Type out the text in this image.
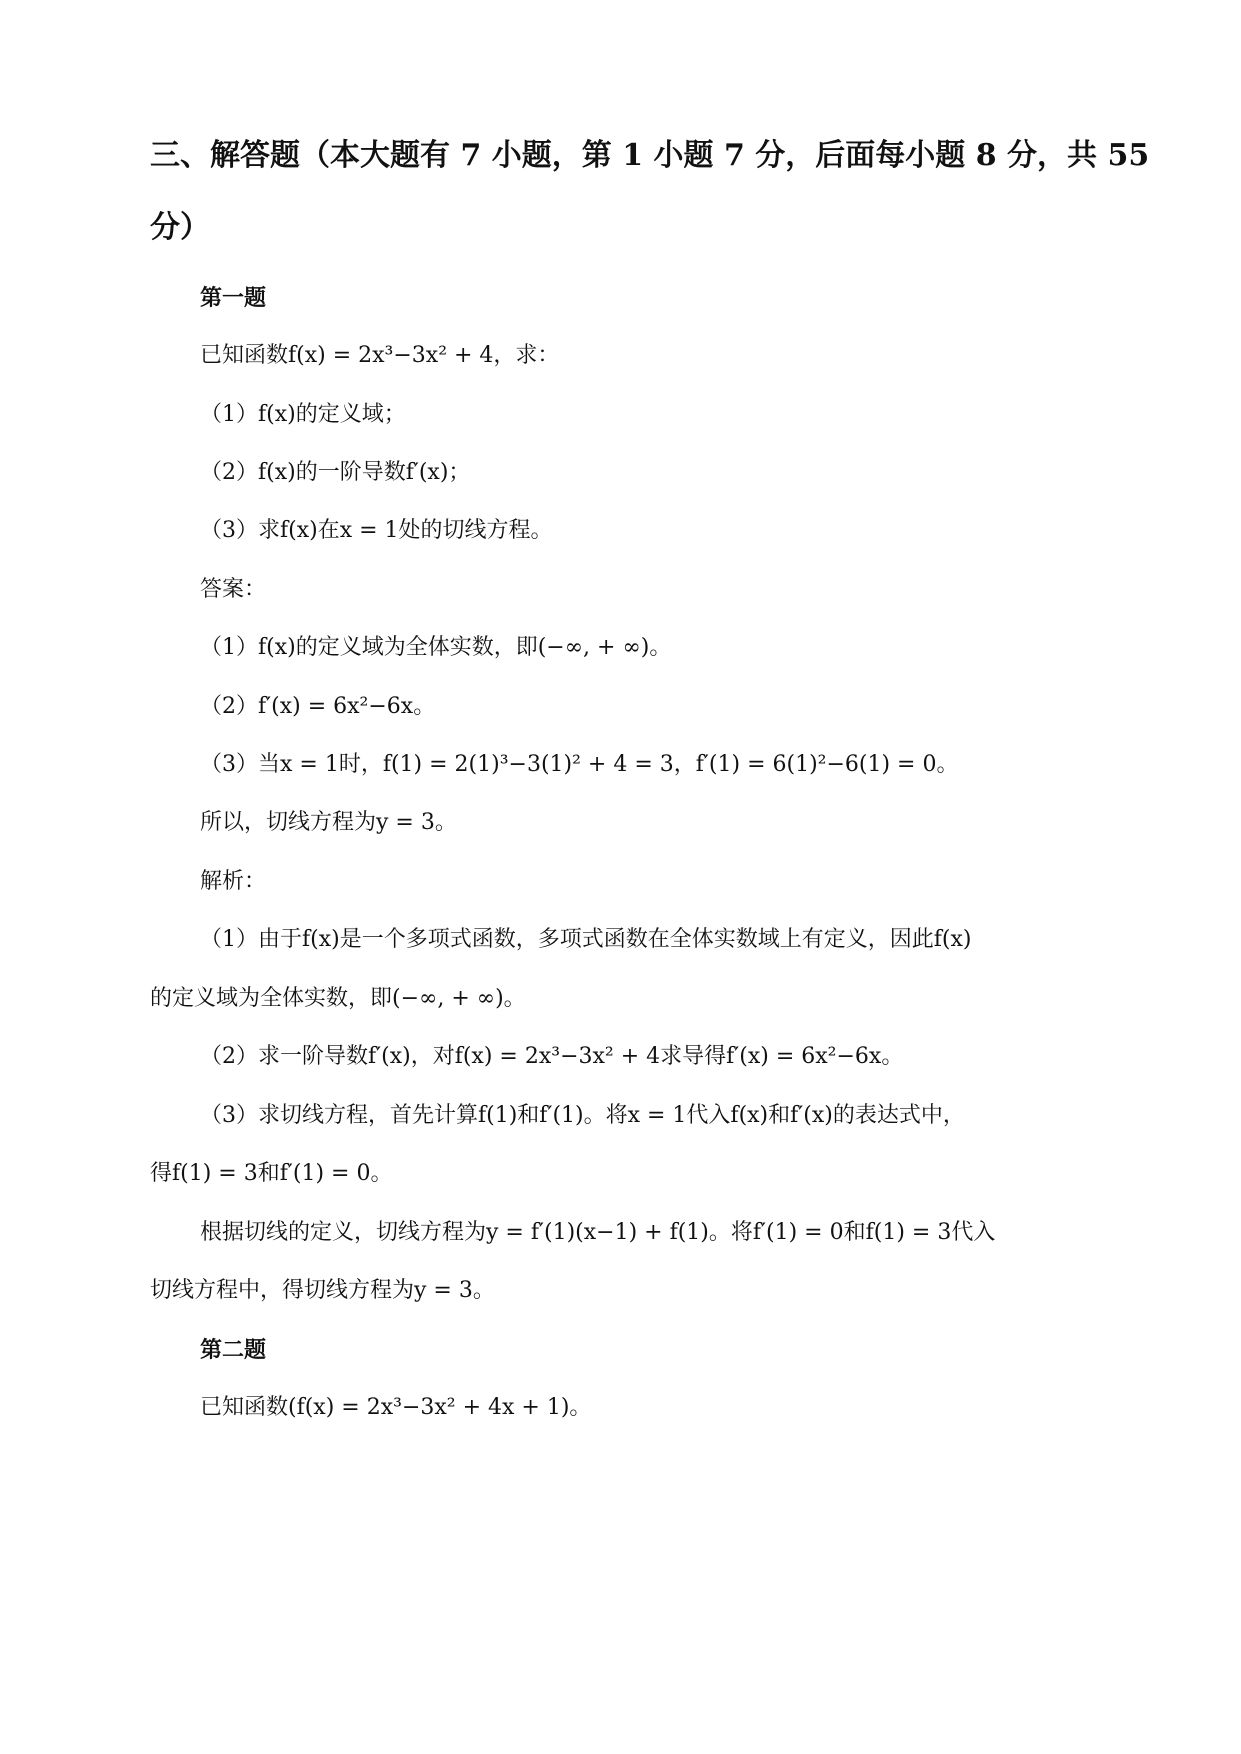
三、解答题（本大题有 7 小题，第 1 小题 7 分，后面每小题 8 分，共 55
分）
第一题
已知函数f(x) = 2x³−3x² + 4，求：
（1）f(x)的定义域；
（2）f(x)的一阶导数f′(x)；
（3）求f(x)在x = 1处的切线方程。
答案：
（1）f(x)的定义域为全体实数，即(−∞, + ∞)。
（2）f′(x) = 6x²−6x。
（3）当x = 1时，f(1) = 2(1)³−3(1)² + 4 = 3，f′(1) = 6(1)²−6(1) = 0。
所以，切线方程为y = 3。
解析：
（1）由于f(x)是一个多项式函数，多项式函数在全体实数域上有定义，因此f(x)
的定义域为全体实数，即(−∞, + ∞)。
（2）求一阶导数f′(x)，对f(x) = 2x³−3x² + 4求导得f′(x) = 6x²−6x。
（3）求切线方程，首先计算f(1)和f′(1)。将x = 1代入f(x)和f′(x)的表达式中，
得f(1) = 3和f′(1) = 0。
根据切线的定义，切线方程为y = f′(1)(x−1) + f(1)。将f′(1) = 0和f(1) = 3代入
切线方程中，得切线方程为y = 3。
第二题
已知函数(f(x) = 2x³−3x² + 4x + 1)。
